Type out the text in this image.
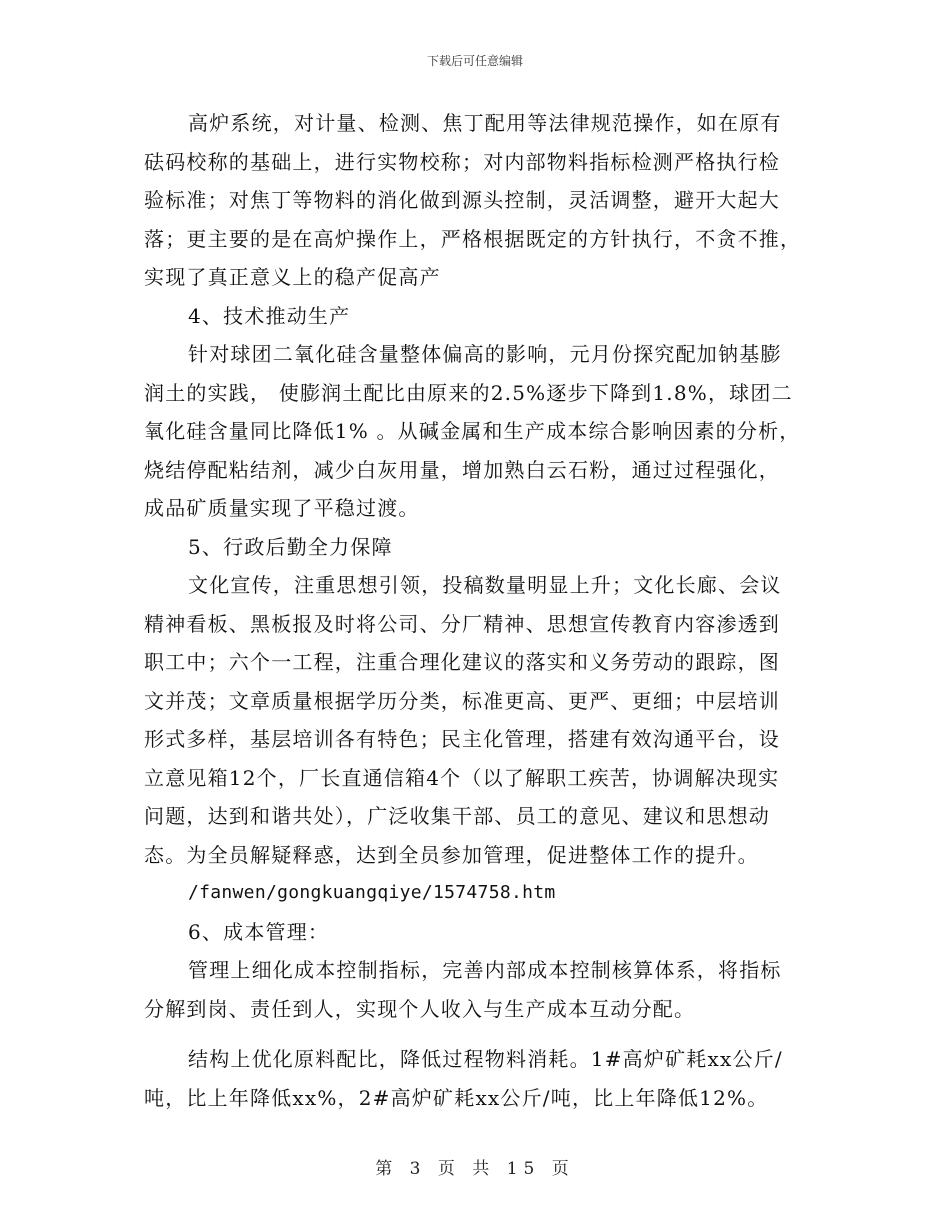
下载后可任意编辑
高炉系统，对计量、检测、焦丁配用等法律规范操作，如在原有
砝码校称的基础上，进行实物校称；对内部物料指标检测严格执行检
验标准；对焦丁等物料的消化做到源头控制，灵活调整，避开大起大
落；更主要的是在高炉操作上，严格根据既定的方针执行，不贪不推，
实现了真正意义上的稳产促高产
4、技术推动生产
针对球团二氧化硅含量整体偏高的影响，元月份探究配加钠基膨
润土的实践， 使膨润土配比由原来的2.5%逐步下降到1.8%，球团二
氧化硅含量同比降低1% 。从碱金属和生产成本综合影响因素的分析，
烧结停配粘结剂，减少白灰用量，增加熟白云石粉，通过过程强化，
成品矿质量实现了平稳过渡。
5、行政后勤全力保障
文化宣传，注重思想引领，投稿数量明显上升；文化长廊、会议
精神看板、黑板报及时将公司、分厂精神、思想宣传教育内容渗透到
职工中；六个一工程，注重合理化建议的落实和义务劳动的跟踪，图
文并茂；文章质量根据学历分类，标准更高、更严、更细；中层培训
形式多样，基层培训各有特色；民主化管理，搭建有效沟通平台，设
立意见箱12个，厂长直通信箱4个（以了解职工疾苦，协调解决现实
问题，达到和谐共处），广泛收集干部、员工的意见、建议和思想动
态。为全员解疑释惑，达到全员参加管理，促进整体工作的提升。
/fanwen/gongkuangqiye/1574758.htm
6、成本管理：
管理上细化成本控制指标，完善内部成本控制核算体系，将指标
分解到岗、责任到人，实现个人收入与生产成本互动分配。
结构上优化原料配比，降低过程物料消耗。1#高炉矿耗xx公斤/
吨，比上年降低xx%，2#高炉矿耗xx公斤/吨，比上年降低12%。
第 3 页 共 15 页
